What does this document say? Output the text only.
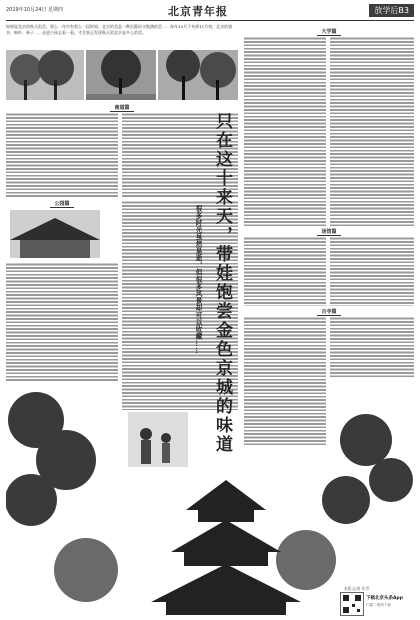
2019年10月24日 星期四	北京青年报	放学后B3
如果说北京的秋天很美，那么一年中有那么一段时间，北京的美是一种沉静而又饱满的美……每年10月下旬到11月初，北京的银杏、枫叶、柿子……走进公园去看一看，才会真正发现秋天的北京是多么的美。
南道篇
公园篇	只在这十来天，带娃饱尝金色京城的味道
很多时光虽然易逝，但很多风景却可以收藏……
大学篇
场馆篇
古寺篇
本版文/图 作者
下载北京头条App
扫描二维码下载
